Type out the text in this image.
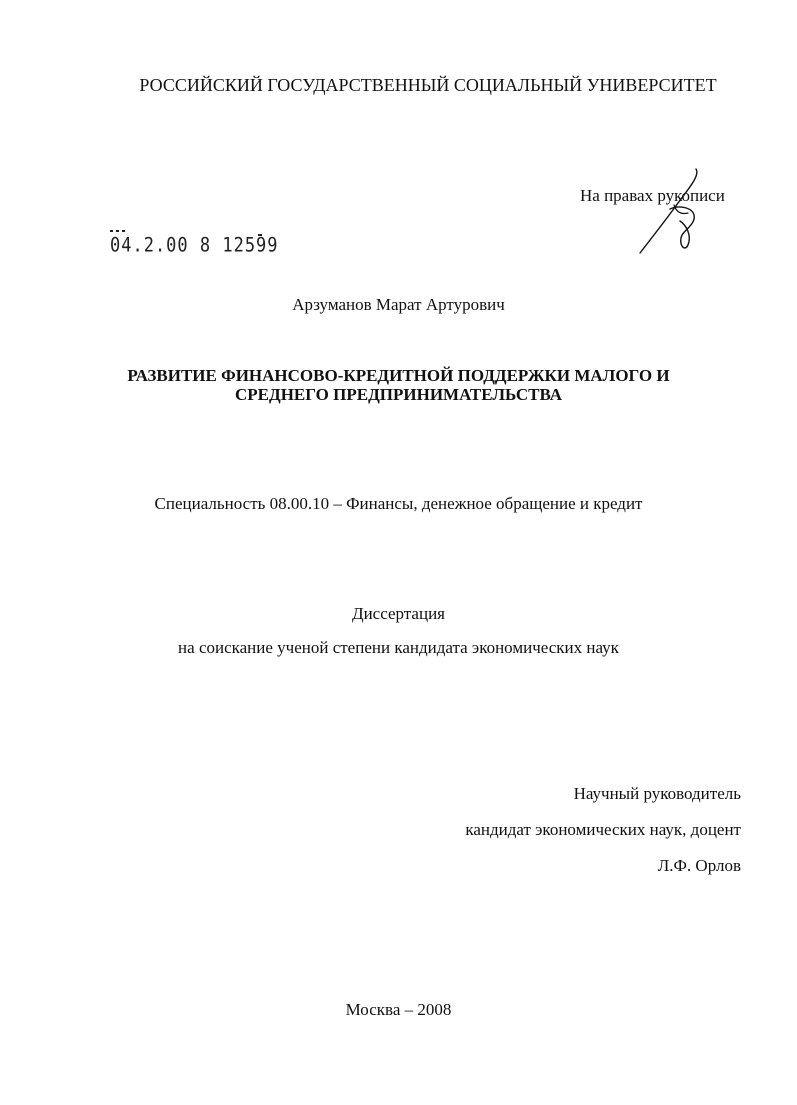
РОССИЙСКИЙ ГОСУДАРСТВЕННЫЙ СОЦИАЛЬНЫЙ УНИВЕРСИТЕТ
На правах рукописи
04.2.00 8 12599
Арзуманов Марат Артурович
РАЗВИТИЕ ФИНАНСОВО-КРЕДИТНОЙ ПОДДЕРЖКИ МАЛОГО И
СРЕДНЕГО ПРЕДПРИНИМАТЕЛЬСТВА
Специальность 08.00.10 – Финансы, денежное обращение и кредит
Диссертация
на соискание ученой степени кандидата экономических наук
Научный руководитель
кандидат экономических наук, доцент
Л.Ф. Орлов
Москва – 2008
